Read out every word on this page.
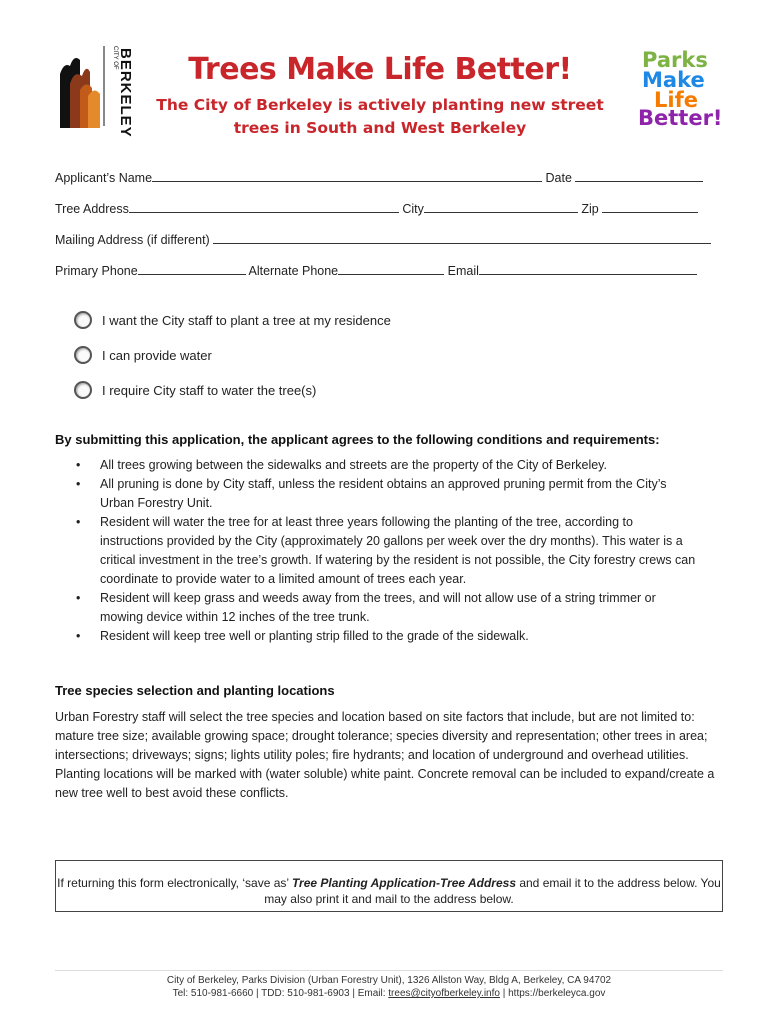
CITY OF BERKELEY	Trees Make Life Better!
The City of Berkeley is actively planting new street
trees in South and West Berkeley
Parks
Make
Life
Better!
Applicant’s Name	Date
Tree Address	City	Zip
Mailing Address (if different)
Primary Phone	Alternate Phone	Email
I want the City staff to plant a tree at my residence
I can provide water
I require City staff to water the tree(s)
By submitting this application, the applicant agrees to the following conditions and requirements:
• All trees growing between the sidewalks and streets are the property of the City of Berkeley.
• All pruning is done by City staff, unless the resident obtains an approved pruning permit from the City’s Urban Forestry Unit.
• Resident will water the tree for at least three years following the planting of the tree, according to instructions provided by the City (approximately 20 gallons per week over the dry months). This water is a critical investment in the tree’s growth. If watering by the resident is not possible, the City forestry crews can coordinate to provide water to a limited amount of trees each year.
• Resident will keep grass and weeds away from the trees, and will not allow use of a string trimmer or mowing device within 12 inches of the tree trunk.
• Resident will keep tree well or planting strip filled to the grade of the sidewalk.
Tree species selection and planting locations
Urban Forestry staff will select the tree species and location based on site factors that include, but are not limited to: mature tree size; available growing space; drought tolerance; species diversity and representation; other trees in area; intersections; driveways; signs; lights utility poles; fire hydrants; and location of underground and overhead utilities. Planting locations will be marked with (water soluble) white paint. Concrete removal can be included to expand/create a new tree well to best avoid these conflicts.
If returning this form electronically, ‘save as’ Tree Planting Application-Tree Address and email it to the address below. You may also print it and mail to the address below.
City of Berkeley, Parks Division (Urban Forestry Unit), 1326 Allston Way, Bldg A, Berkeley, CA 94702
Tel: 510-981-6660 | TDD: 510-981-6903 | Email: trees@cityofberkeley.info | https://berkeleyca.gov
